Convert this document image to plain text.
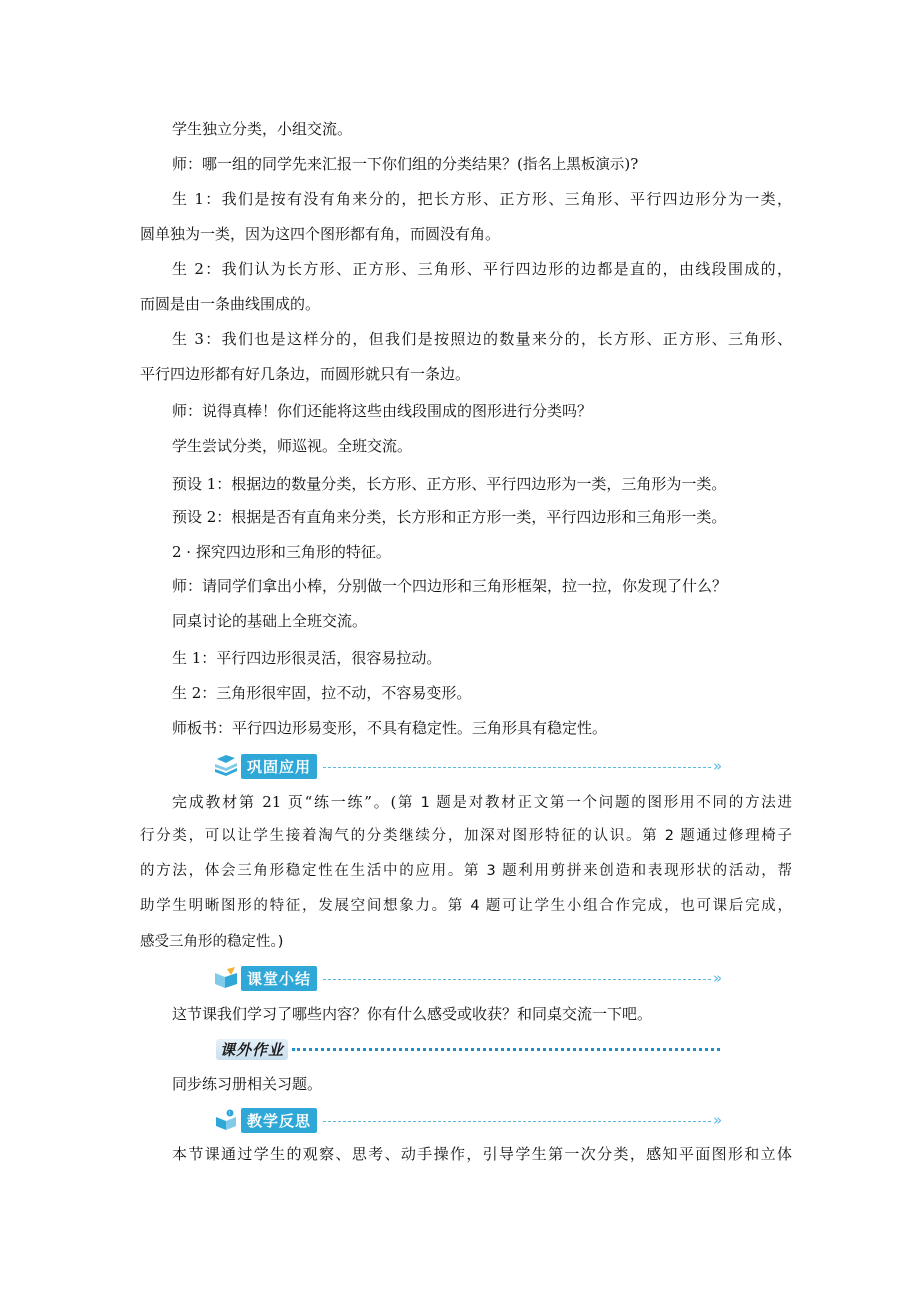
学生独立分类，小组交流。
师：哪一组的同学先来汇报一下你们组的分类结果？(指名上黑板演示)?
生 1：我们是按有没有角来分的，把长方形、正方形、三角形、平行四边形分为一类，
圆单独为一类，因为这四个图形都有角，而圆没有角。
生 2：我们认为长方形、正方形、三角形、平行四边形的边都是直的，由线段围成的，
而圆是由一条曲线围成的。
生 3：我们也是这样分的，但我们是按照边的数量来分的，长方形、正方形、三角形、
平行四边形都有好几条边，而圆形就只有一条边。
师：说得真棒！你们还能将这些由线段围成的图形进行分类吗？
学生尝试分类，师巡视。全班交流。
预设 1：根据边的数量分类，长方形、正方形、平行四边形为一类，三角形为一类。
预设 2：根据是否有直角来分类，长方形和正方形一类，平行四边形和三角形一类。
2 · 探究四边形和三角形的特征。
师：请同学们拿出小棒，分别做一个四边形和三角形框架，拉一拉，你发现了什么？
同桌讨论的基础上全班交流。
生 1：平行四边形很灵活，很容易拉动。
生 2：三角形很牢固，拉不动，不容易变形。
师板书：平行四边形易变形，不具有稳定性。三角形具有稳定性。
巩固应用	»
完成教材第 21 页“练一练”。(第 1 题是对教材正文第一个问题的图形用不同的方法进
行分类，可以让学生接着淘气的分类继续分，加深对图形特征的认识。第 2 题通过修理椅子
的方法，体会三角形稳定性在生活中的应用。第 3 题利用剪拼来创造和表现形状的活动，帮
助学生明晰图形的特征，发展空间想象力。第 4 题可让学生小组合作完成，也可课后完成，
感受三角形的稳定性。)
课堂小结	»
这节课我们学习了哪些内容？你有什么感受或收获？和同桌交流一下吧。
课外作业
同步练习册相关习题。
!	教学反思	»
本节课通过学生的观察、思考、动手操作，引导学生第一次分类，感知平面图形和立体
